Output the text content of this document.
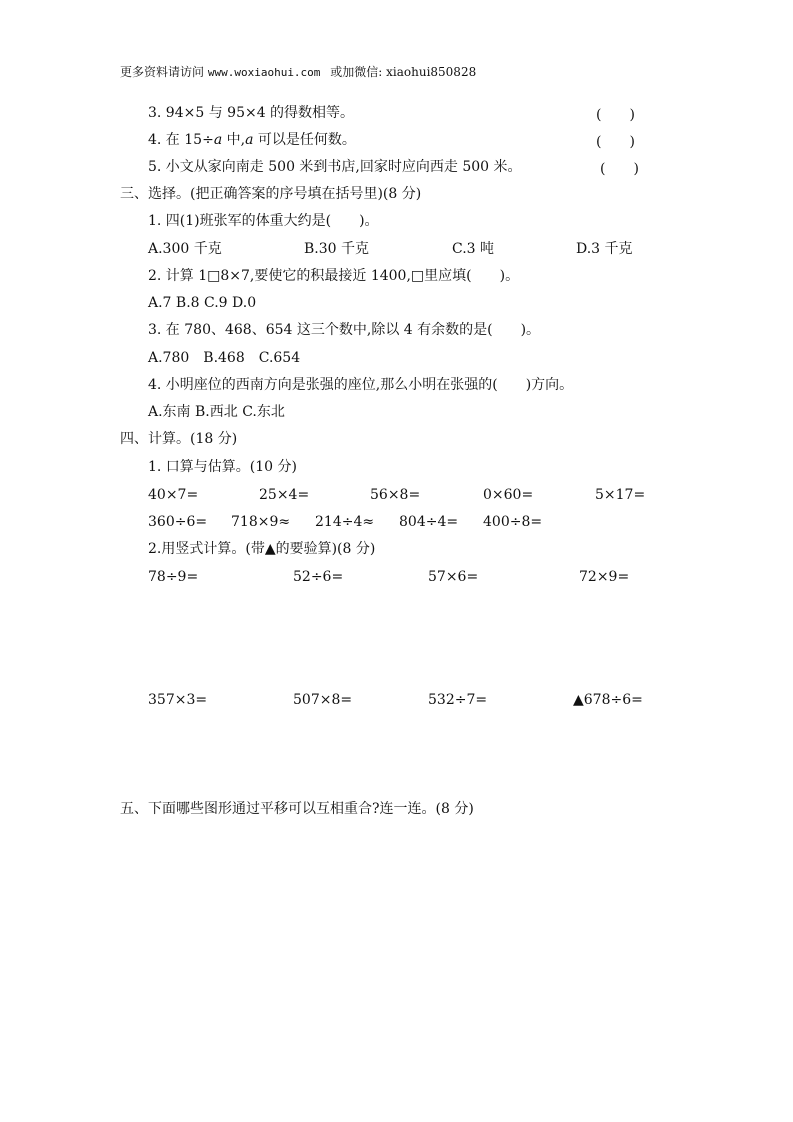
更多资料请访问 www.woxiaohui.com 或加微信: xiaohui850828
3. 94×5 与 95×4 的得数相等。	(　　)
4. 在 15÷a 中,a 可以是任何数。	(　　)
5. 小文从家向南走 500 米到书店,回家时应向西走 500 米。	(　　)
三、选择。(把正确答案的序号填在括号里)(8 分)
1. 四(1)班张军的体重大约是(　　)。
A.300 千克	B.30 千克	C.3 吨	D.3 千克
2. 计算 1□8×7,要使它的积最接近 1400,□里应填(　　)。
A.7 B.8 C.9 D.0
3. 在 780、468、654 这三个数中,除以 4 有余数的是(　　)。
A.780　B.468　C.654
4. 小明座位的西南方向是张强的座位,那么小明在张强的(　　)方向。
A.东南 B.西北 C.东北
四、计算。(18 分)
1. 口算与估算。(10 分)
40×7=	25×4=	56×8=	0×60=	5×17=
360÷6= 718×9≈ 214÷4≈ 804÷4= 400÷8=
2.用竖式计算。(带▲的要验算)(8 分)
78÷9=	52÷6=	57×6=	72×9=
357×3=	507×8=	532÷7=	▲678÷6=
五、下面哪些图形通过平移可以互相重合?连一连。(8 分)
